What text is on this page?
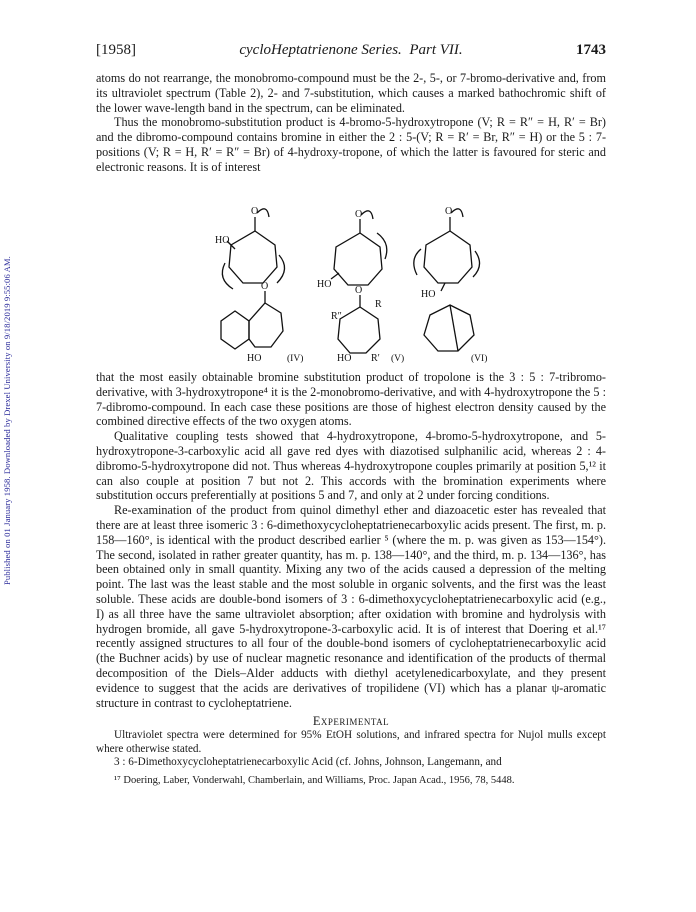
Published on 01 January 1958. Downloaded by Drexel University on 9/18/2019 9:55:06 AM.
[1958]	cycloHeptatrienone Series. Part VII.	1743

atoms do not rearrange, the monobromo-compound must be the 2-, 5-, or 7-bromo-derivative and, from its ultraviolet spectrum (Table 2), 2- and 7-substitution, which causes a marked bathochromic shift of the lower wave-length band in the spectrum, can be eliminated.

Thus the monobromo-substitution product is 4-bromo-5-hydroxytropone (V; R = R″ = H, R′ = Br) and the dibromo-compound contains bromine in either the 2 : 5-(V; R = R′ = Br, R″ = H) or the 5 : 7-positions (V; R = H, R′ = R″ = Br) of 4-hydroxy-tropone, of which the latter is favoured for steric and electronic reasons. It is of interest

HO
O
HO
O
HO
O
O
HO
O
R
R″
HO R′
(IV)	(V)	(VI)

that the most easily obtainable bromine substitution product of tropolone is the 3 : 5 : 7-tribromo-derivative, with 3-hydroxytropone⁴ it is the 2-monobromo-derivative, and with 4-hydroxytropone the 5 : 7-dibromo-compound. In each case these positions are those of highest electron density caused by the combined directive effects of the two oxygen atoms.

Qualitative coupling tests showed that 4-hydroxytropone, 4-bromo-5-hydroxytropone, and 5-hydroxytropone-3-carboxylic acid all gave red dyes with diazotised sulphanilic acid, whereas 2 : 4-dibromo-5-hydroxytropone did not. Thus whereas 4-hydroxytropone couples primarily at position 5,¹² it can also couple at position 7 but not 2. This accords with the bromination experiments where substitution occurs preferentially at positions 5 and 7, and only at 2 under forcing conditions.

Re-examination of the product from quinol dimethyl ether and diazoacetic ester has revealed that there are at least three isomeric 3 : 6-dimethoxycycloheptatrienecarboxylic acids present. The first, m. p. 158—160°, is identical with the product described earlier ⁵ (where the m. p. was given as 153—154°). The second, isolated in rather greater quantity, has m. p. 138—140°, and the third, m. p. 134—136°, has been obtained only in small quantity. Mixing any two of the acids caused a depression of the melting point. The last was the least stable and the most soluble in organic solvents, and the first was the least soluble. These acids are double-bond isomers of 3 : 6-dimethoxycycloheptatrienecarboxylic acid (e.g., I) as all three have the same ultraviolet absorption; after oxidation with bromine and hydrolysis with hydrogen bromide, all gave 5-hydroxytropone-3-carboxylic acid. It is of interest that Doering et al.¹⁷ recently assigned structures to all four of the double-bond isomers of cycloheptatrienecarboxylic acid (the Buchner acids) by use of nuclear magnetic resonance and identification of the products of thermal decomposition of the Diels–Alder adducts with diethyl acetylenedicarboxylate, and they present evidence to suggest that the acids are derivatives of tropilidene (VI) which has a planar ψ-aromatic structure in contrast to cycloheptatriene.

Experimental

Ultraviolet spectra were determined for 95% EtOH solutions, and infrared spectra for Nujol mulls except where otherwise stated.

3 : 6-Dimethoxycycloheptatrienecarboxylic Acid (cf. Johns, Johnson, Langemann, and

¹⁷ Doering, Laber, Vonderwahl, Chamberlain, and Williams, Proc. Japan Acad., 1956, 78, 5448.
